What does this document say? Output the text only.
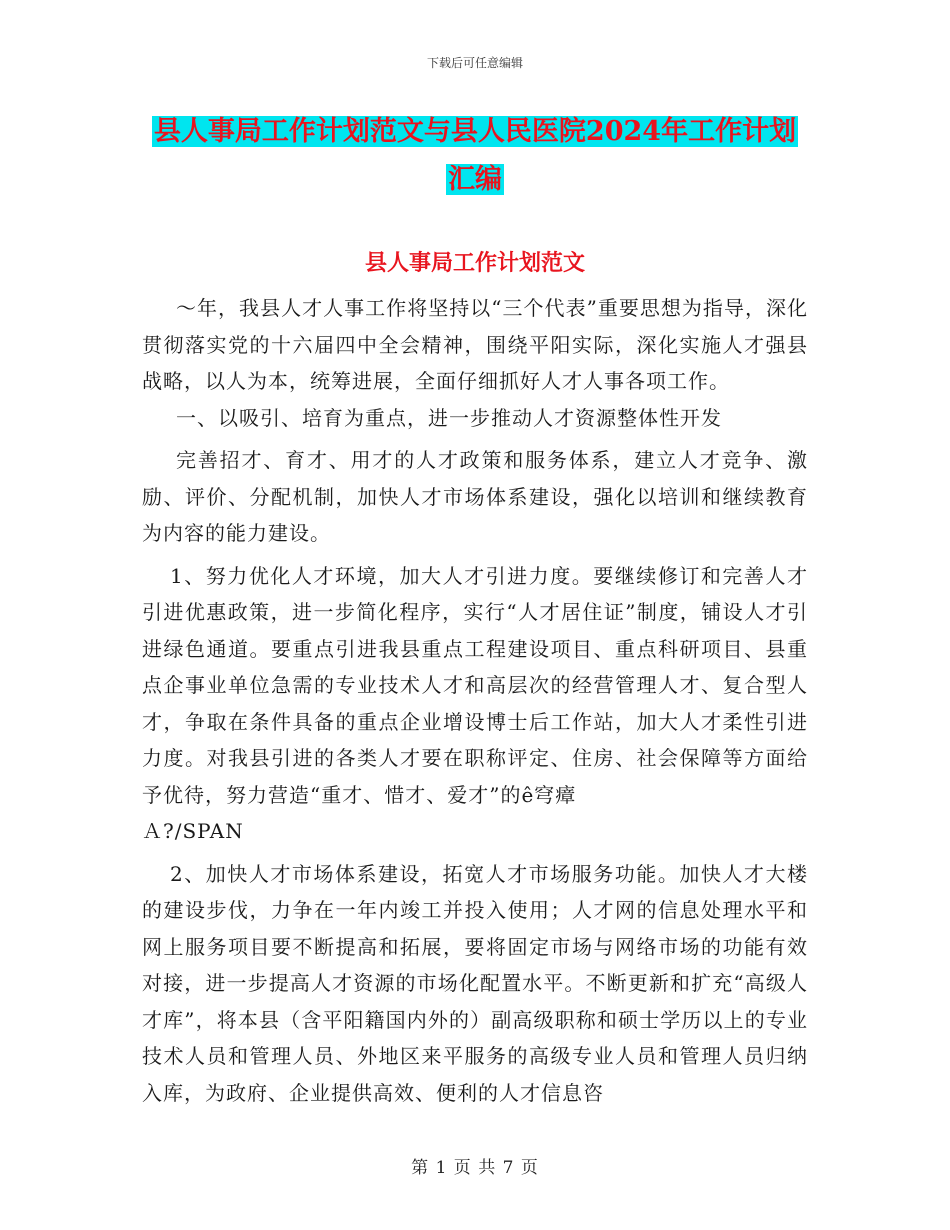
下载后可任意编辑
县人事局工作计划范文与县人民医院2024年工作计划
汇编
县人事局工作计划范文

～年，我县人才人事工作将坚持以“三个代表”重要思想为指导，深化贯彻落实党的十六届四中全会精神，围绕平阳实际，深化实施人才强县战略，以人为本，统筹进展，全面仔细抓好人才人事各项工作。

一、以吸引、培育为重点，进一步推动人才资源整体性开发

完善招才、育才、用才的人才政策和服务体系，建立人才竞争、激励、评价、分配机制，加快人才市场体系建设，强化以培训和继续教育为内容的能力建设。

1、努力优化人才环境，加大人才引进力度。要继续修订和完善人才引进优惠政策，进一步简化程序，实行“人才居住证”制度，铺设人才引进绿色通道。要重点引进我县重点工程建设项目、重点科研项目、县重点企事业单位急需的专业技术人才和高层次的经营管理人才、复合型人才，争取在条件具备的重点企业增设博士后工作站，加大人才柔性引进力度。对我县引进的各类人才要在职称评定、住房、社会保障等方面给予优待，努力营造“重才、惜才、爱才”的ê穹瘴

Ａ?/SPAN

2、加快人才市场体系建设，拓宽人才市场服务功能。加快人才大楼的建设步伐，力争在一年内竣工并投入使用；人才网的信息处理水平和网上服务项目要不断提高和拓展，要将固定市场与网络市场的功能有效对接，进一步提高人才资源的市场化配置水平。不断更新和扩充“高级人才库”，将本县（含平阳籍国内外的）副高级职称和硕士学历以上的专业技术人员和管理人员、外地区来平服务的高级专业人员和管理人员归纳入库，为政府、企业提供高效、便利的人才信息咨

第 1 页 共 7 页
